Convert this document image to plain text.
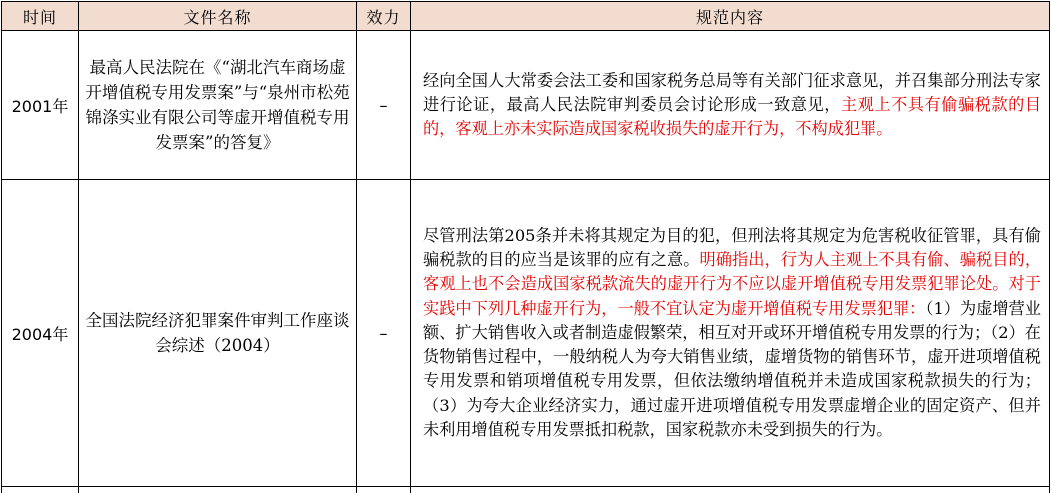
时间	文件名称	效力	规范内容
2001年	最高人民法院在《“湖北汽车商场虚开增值税专用发票案”与“泉州市松苑锦涤实业有限公司等虚开增值税专用发票案”的答复》	–	经向全国人大常委会法工委和国家税务总局等有关部门征求意见，并召集部分刑法专家进行论证，最高人民法院审判委员会讨论形成一致意见，主观上不具有偷骗税款的目的，客观上亦未实际造成国家税收损失的虚开行为，不构成犯罪。
2004年	全国法院经济犯罪案件审判工作座谈会综述（2004）	–	尽管刑法第205条并未将其规定为目的犯，但刑法将其规定为危害税收征管罪，具有偷骗税款的目的应当是该罪的应有之意。明确指出，行为人主观上不具有偷、骗税目的，客观上也不会造成国家税款流失的虚开行为不应以虚开增值税专用发票犯罪论处。对于实践中下列几种虚开行为，一般不宜认定为虚开增值税专用发票犯罪：（1）为虚增营业额、扩大销售收入或者制造虚假繁荣，相互对开或环开增值税专用发票的行为；（2）在货物销售过程中，一般纳税人为夸大销售业绩，虚增货物的销售环节，虚开进项增值税专用发票和销项增值税专用发票，但依法缴纳增值税并未造成国家税款损失的行为；（3）为夸大企业经济实力，通过虚开进项增值税专用发票虚增企业的固定资产、但并未利用增值税专用发票抵扣税款，国家税款亦未受到损失的行为。
